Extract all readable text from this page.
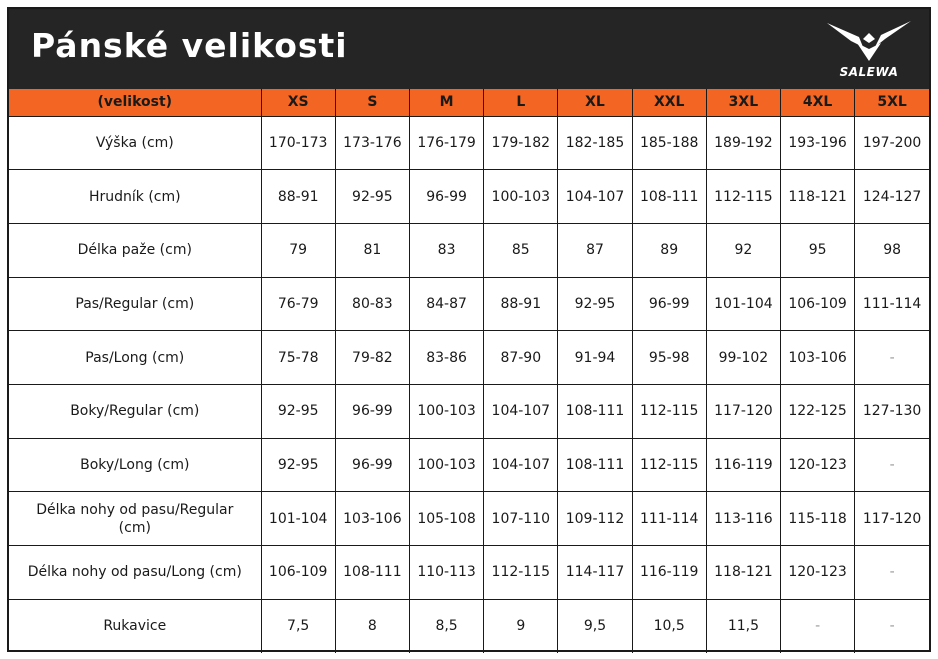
Pánské velikosti
SALEWA
(velikost)	XS	S	M	L	XL	XXL	3XL	4XL	5XL
Výška (cm)	170-173	173-176	176-179	179-182	182-185	185-188	189-192	193-196	197-200
Hrudník (cm)	88-91	92-95	96-99	100-103	104-107	108-111	112-115	118-121	124-127
Délka paže (cm)	79	81	83	85	87	89	92	95	98
Pas/Regular (cm)	76-79	80-83	84-87	88-91	92-95	96-99	101-104	106-109	111-114
Pas/Long (cm)	75-78	79-82	83-86	87-90	91-94	95-98	99-102	103-106	-
Boky/Regular (cm)	92-95	96-99	100-103	104-107	108-111	112-115	117-120	122-125	127-130
Boky/Long (cm)	92-95	96-99	100-103	104-107	108-111	112-115	116-119	120-123	-
Délka nohy od pasu/Regular (cm)	101-104	103-106	105-108	107-110	109-112	111-114	113-116	115-118	117-120
Délka nohy od pasu/Long (cm)	106-109	108-111	110-113	112-115	114-117	116-119	118-121	120-123	-
Rukavice	7,5	8	8,5	9	9,5	10,5	11,5	-	-
